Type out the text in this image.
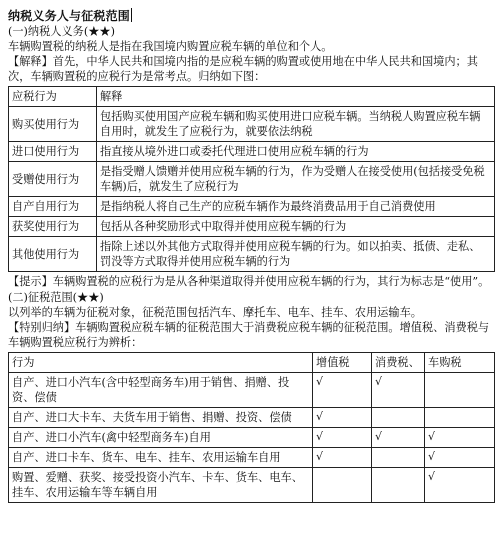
纳税义务人与征税范围

(一)纳税人义务(★★)

车辆购置税的纳税人是指在我国境内购置应税车辆的单位和个人。

【解释】首先，中华人民共和国境内指的是应税车辆的购置或使用地在中华人民共和国境内；其次，车辆购置税的应税行为是常考点。归纳如下图：

应税行为	解释
购买使用行为	包括购买使用国产应税车辆和购买使用进口应税车辆。当纳税人购置应税车辆自用时，就发生了应税行为，就要依法纳税
进口使用行为	指直接从境外进口或委托代理进口使用应税车辆的行为
受赠使用行为	是指受赠人馈赠并使用应税车辆的行为，作为受赠人在接受使用(包括接受免税车辆)后，就发生了应税行为
自产自用行为	是指纳税人将自己生产的应税车辆作为最终消费品用于自己消费使用
获奖使用行为	包括从各种奖励形式中取得并使用应税车辆的行为
其他使用行为	指除上述以外其他方式取得并使用应税车辆的行为。如以拍卖、抵债、走私、罚没等方式取得并使用应税车辆的行为

【提示】车辆购置税的应税行为是从各种渠道取得并使用应税车辆的行为，其行为标志是“使用”。

(二)征税范围(★★)

以列举的车辆为征税对象，征税范围包括汽车、摩托车、电车、挂车、农用运输车。

【特别归纳】车辆购置税应税车辆的征税范围大于消费税应税车辆的征税范围。增值税、消费税与车辆购置税应税行为辨析：

行为	增值税	消费税、	车购税
自产、进口小汽车(含中轻型商务车)用于销售、捐赠、投资、偿债	√	√	
自产、进口大卡车、夫货车用于销售、捐赠、投资、偿债	√		
自产、进口小汽车(禽中轻型商务车)自用	√	√	√
自产、进口卡车、货车、电车、挂车、农用运输车自用	√		√
购置、爱赠、获奖、接受投资小汽车、卡车、货车、电车、挂车、农用运输车等车辆自用			√
